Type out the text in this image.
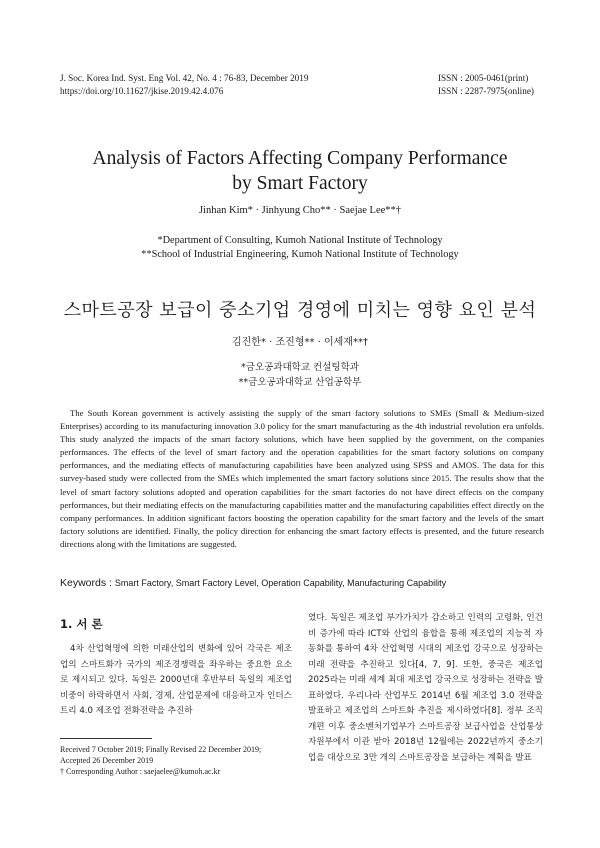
J. Soc. Korea Ind. Syst. Eng Vol. 42, No. 4 : 76-83, December 2019
https://doi.org/10.11627/jkise.2019.42.4.076
ISSN : 2005-0461(print)
ISSN : 2287-7975(online)
Analysis of Factors Affecting Company Performance
by Smart Factory
Jinhan Kim* · Jinhyung Cho** · Saejae Lee**†
*Department of Consulting, Kumoh National Institute of Technology
**School of Industrial Engineering, Kumoh National Institute of Technology
스마트공장 보급이 중소기업 경영에 미치는 영향 요인 분석
김진한* · 조진형** · 이세재**†
*금오공과대학교 컨설팅학과
**금오공과대학교 산업공학부
The South Korean government is actively assisting the supply of the smart factory solutions to SMEs (Small & Medium-sized Enterprises) according to its manufacturing innovation 3.0 policy for the smart manufacturing as the 4th industrial revolution era unfolds. This study analyzed the impacts of the smart factory solutions, which have been supplied by the government, on the companies performances. The effects of the level of smart factory and the operation capabilities for the smart factory solutions on company performances, and the mediating effects of manufacturing capabilities have been analyzed using SPSS and AMOS. The data for this survey-based study were collected from the SMEs which implemented the smart factory solutions since 2015. The results show that the level of smart factory solutions adopted and operation capabilities for the smart factories do not have direct effects on the company performances, but their mediating effects on the manufacturing capabilities matter and the manufacturing capabilities effect directly on the company performances. In addition significant factors boosting the operation capability for the smart factory and the levels of the smart factory solutions are identified. Finally, the policy direction for enhancing the smart factory effects is presented, and the future research directions along with the limitations are suggested.
Keywords : Smart Factory, Smart Factory Level, Operation Capability, Manufacturing Capability
1. 서 론
4차 산업혁명에 의한 미래산업의 변화에 있어 각국은 제조업의 스마트화가 국가의 제조경쟁력을 좌우하는 중요한 요소로 제시되고 있다. 독일은 2000년대 후반부터 독일의 제조업 비중이 하락하면서 사회, 경제, 산업문제에 대응하고자 인더스트리 4.0 제조업 전화전략을 추진하
였다. 독일은 제조업 부가가치가 감소하고 인력의 고령화, 인건비 증가에 따라 ICT와 산업의 융합을 통해 제조업의 지능적 자동화를 통하여 4차 산업혁명 시대의 제조업 강국으로 성장하는 미래 전략을 추진하고 있다[4, 7, 9]. 또한, 중국은 제조업 2025라는 미래 세계 최대 제조업 강국으로 성장하는 전략을 발표하였다. 우리나라 산업부도 2014년 6월 제조업 3.0 전략을 발표하고 제조업의 스마트화 추진을 제시하였다[8]. 정부 조직개편 이후 중소벤처기업부가 스마트공장 보급사업을 산업통상자원부에서 이관 받아 2018년 12월에는 2022년까지 중소기업을 대상으로 3만 개의 스마트공장을 보급하는 계획을 발표
Received 7 October 2019; Finally Revised 22 December 2019;
Accepted 26 December 2019
† Corresponding Author : saejaelee@kumoh.ac.kr
